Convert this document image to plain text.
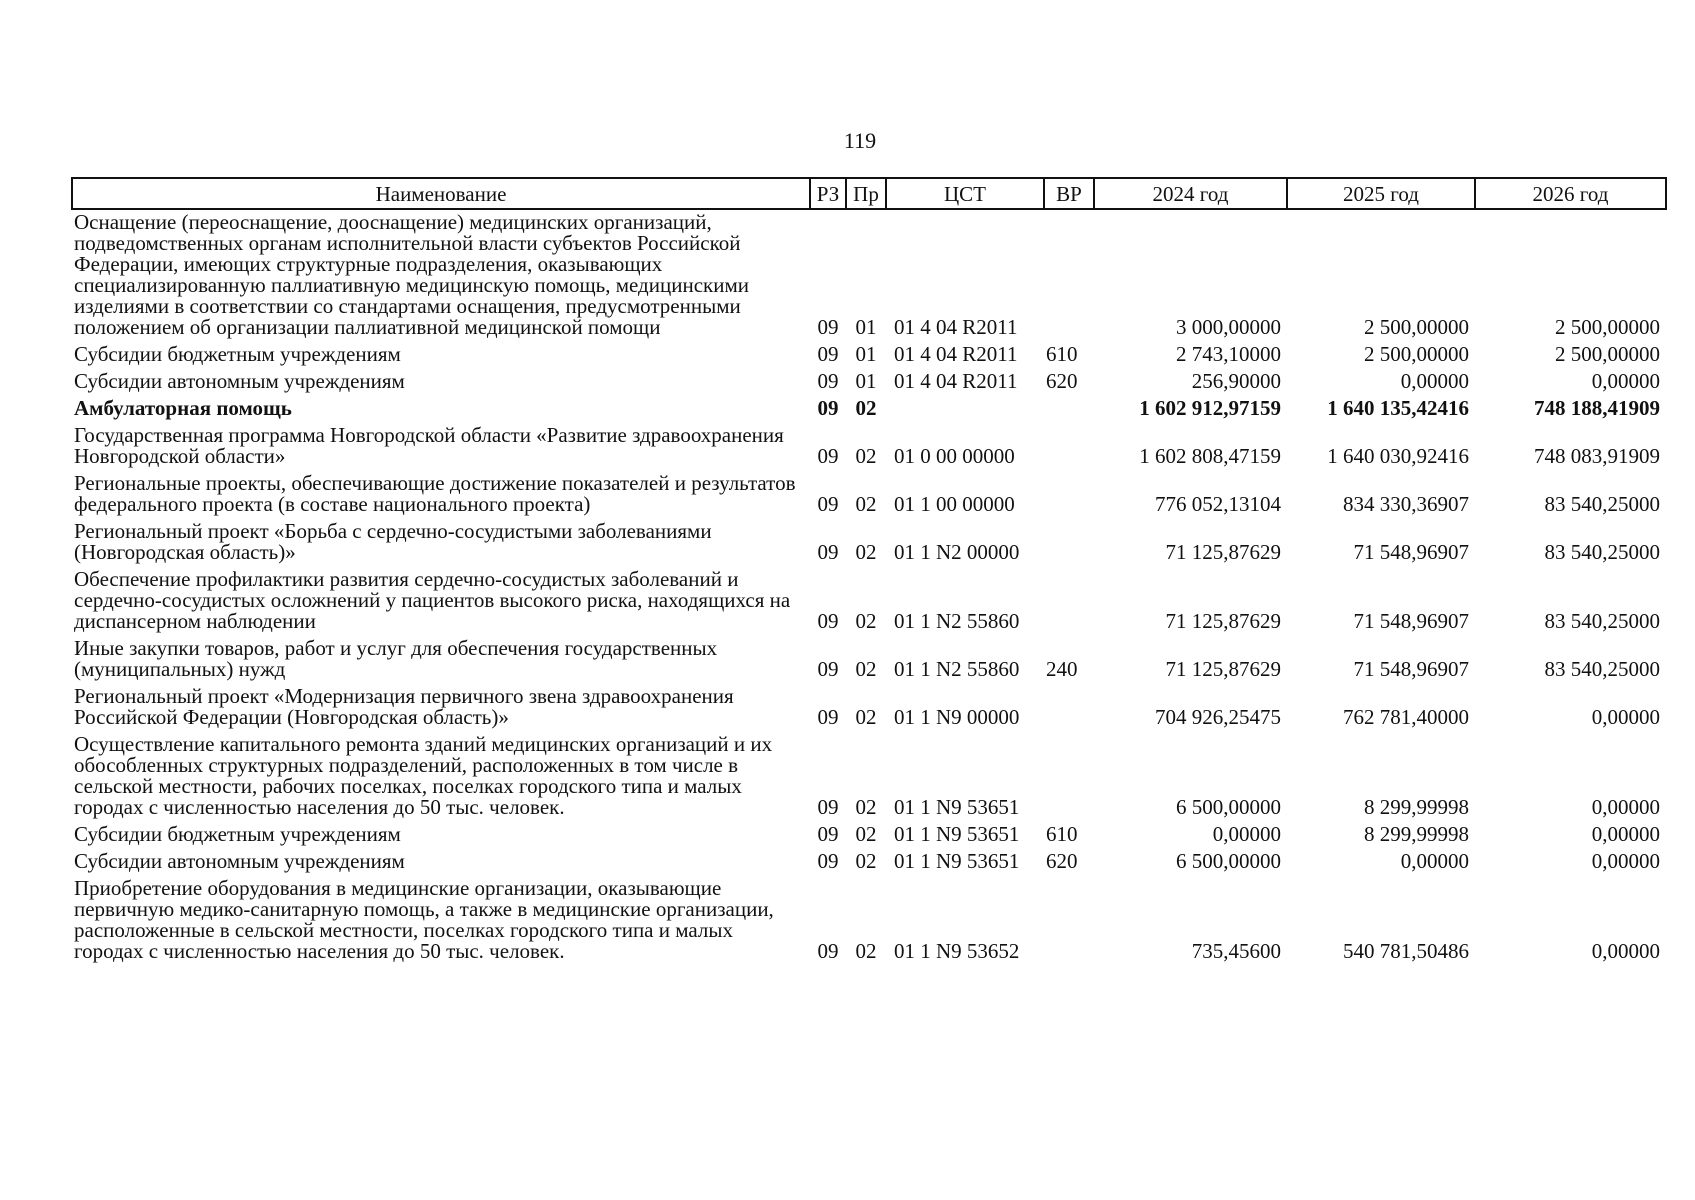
119
Наименование	РЗ	Пр	ЦСТ	ВР	2024 год	2025 год	2026 год
Оснащение (переоснащение, дооснащение) медицинских организаций, подведомственных органам исполнительной власти субъектов Российской Федерации, имеющих структурные подразделения, оказывающих специализированную паллиативную медицинскую помощь, медицинскими изделиями в соответствии со стандартами оснащения, предусмотренными положением об организации паллиативной медицинской помощи	09	01	01 4 04 R2011		3 000,00000	2 500,00000	2 500,00000
Субсидии бюджетным учреждениям	09	01	01 4 04 R2011	610	2 743,10000	2 500,00000	2 500,00000
Субсидии автономным учреждениям	09	01	01 4 04 R2011	620	256,90000	0,00000	0,00000
Амбулаторная помощь	09	02			1 602 912,97159	1 640 135,42416	748 188,41909
Государственная программа Новгородской области «Развитие здравоохранения Новгородской области»	09	02	01 0 00 00000		1 602 808,47159	1 640 030,92416	748 083,91909
Региональные проекты, обеспечивающие достижение показателей и результатов федерального проекта (в составе национального проекта)	09	02	01 1 00 00000		776 052,13104	834 330,36907	83 540,25000
Региональный проект «Борьба с сердечно-сосудистыми заболеваниями (Новгородская область)»	09	02	01 1 N2 00000		71 125,87629	71 548,96907	83 540,25000
Обеспечение профилактики развития сердечно-сосудистых заболеваний и сердечно-сосудистых осложнений у пациентов высокого риска, находящихся на диспансерном наблюдении	09	02	01 1 N2 55860		71 125,87629	71 548,96907	83 540,25000
Иные закупки товаров, работ и услуг для обеспечения государственных (муниципальных) нужд	09	02	01 1 N2 55860	240	71 125,87629	71 548,96907	83 540,25000
Региональный проект «Модернизация первичного звена здравоохранения Российской Федерации (Новгородская область)»	09	02	01 1 N9 00000		704 926,25475	762 781,40000	0,00000
Осуществление капитального ремонта зданий медицинских организаций и их обособленных структурных подразделений, расположенных в том числе в сельской местности, рабочих поселках, поселках городского типа и малых городах с численностью населения до 50 тыс. человек.	09	02	01 1 N9 53651		6 500,00000	8 299,99998	0,00000
Субсидии бюджетным учреждениям	09	02	01 1 N9 53651	610	0,00000	8 299,99998	0,00000
Субсидии автономным учреждениям	09	02	01 1 N9 53651	620	6 500,00000	0,00000	0,00000
Приобретение оборудования в медицинские организации, оказывающие первичную медико-санитарную помощь, а также в медицинские организации, расположенные в сельской местности, поселках городского типа и малых городах с численностью населения до 50 тыс. человек.	09	02	01 1 N9 53652		735,45600	540 781,50486	0,00000
